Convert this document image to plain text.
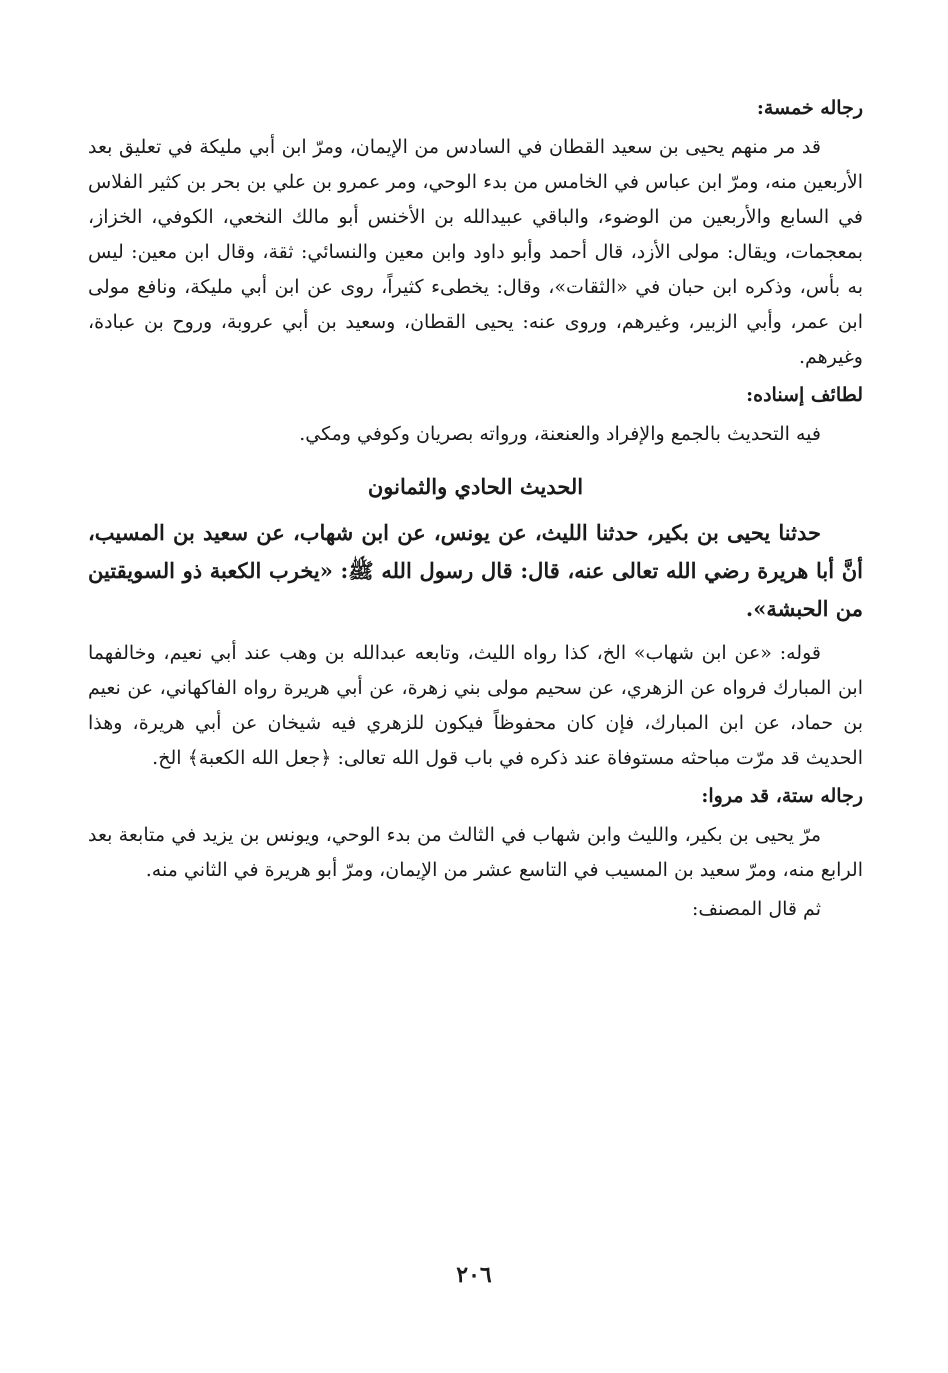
رجاله خمسة:

قد مر منهم يحيى بن سعيد القطان في السادس من الإيمان، ومرّ ابن أبي مليكة في تعليق بعد الأربعين منه، ومرّ ابن عباس في الخامس من بدء الوحي، ومر عمرو بن علي بن بحر بن كثير الفلاس في السابع والأربعين من الوضوء، والباقي عبيدالله بن الأخنس أبو مالك النخعي، الكوفي، الخزاز، بمعجمات، ويقال: مولى الأزد، قال أحمد وأبو داود وابن معين والنسائي: ثقة، وقال ابن معين: ليس به بأس، وذكره ابن حبان في «الثقات»، وقال: يخطىء كثيراً، روى عن ابن أبي مليكة، ونافع مولى ابن عمر، وأبي الزبير، وغيرهم، وروى عنه: يحيى القطان، وسعيد بن أبي عروبة، وروح بن عبادة، وغيرهم.

لطائف إسناده:

فيه التحديث بالجمع والإفراد والعنعنة، ورواته بصريان وكوفي ومكي.

الحديث الحادي والثمانون

حدثنا يحيى بن بكير، حدثنا الليث، عن يونس، عن ابن شهاب، عن سعيد بن المسيب، أنَّ أبا هريرة رضي الله تعالى عنه، قال: قال رسول الله ﷺ: «يخرب الكعبة ذو السويقتين من الحبشة».

قوله: «عن ابن شهاب» الخ، كذا رواه الليث، وتابعه عبدالله بن وهب عند أبي نعيم، وخالفهما ابن المبارك فرواه عن الزهري، عن سحيم مولى بني زهرة، عن أبي هريرة رواه الفاكهاني، عن نعيم بن حماد، عن ابن المبارك، فإن كان محفوظاً فيكون للزهري فيه شيخان عن أبي هريرة، وهذا الحديث قد مرّت مباحثه مستوفاة عند ذكره في باب قول الله تعالى: ﴿جعل الله الكعبة﴾ الخ.

رجاله ستة، قد مروا:

مرّ يحيى بن بكير، والليث وابن شهاب في الثالث من بدء الوحي، ويونس بن يزيد في متابعة بعد الرابع منه، ومرّ سعيد بن المسيب في التاسع عشر من الإيمان، ومرّ أبو هريرة في الثاني منه.

ثم قال المصنف:

٢٠٦
